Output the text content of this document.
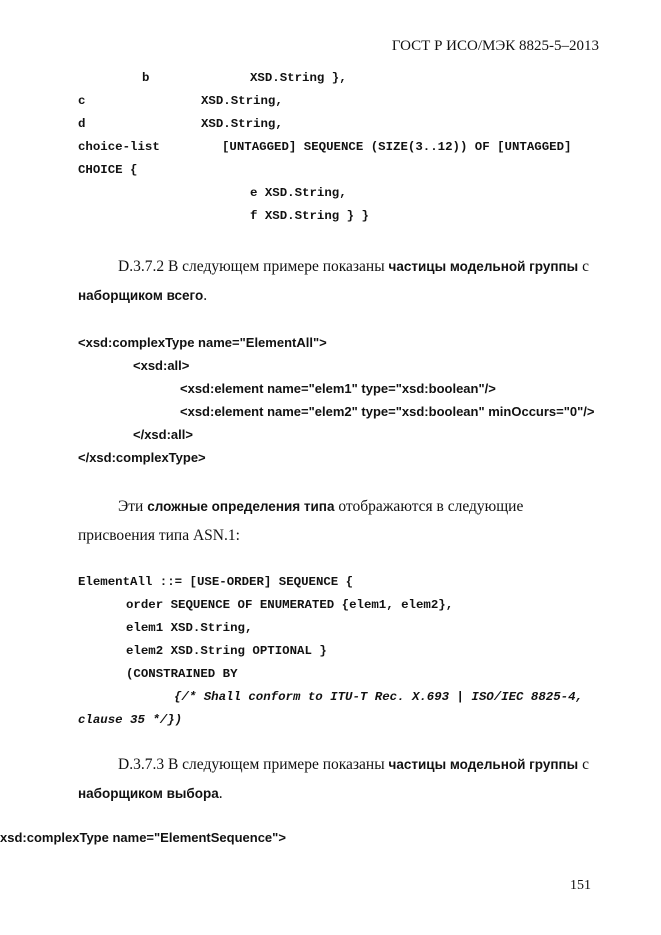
ГОСТ Р ИСО/МЭК 8825-5–2013
b	XSD.String },
c	XSD.String,
d	XSD.String,
choice-list	[UNTAGGED] SEQUENCE (SIZE(3..12)) OF [UNTAGGED]
CHOICE {
e XSD.String,
f XSD.String } }
D.3.7.2 В следующем примере показаны частицы модельной группы с
наборщиком всего.
<xsd:complexType name="ElementAll">
<xsd:all>
<xsd:element name="elem1" type="xsd:boolean"/>
<xsd:element name="elem2" type="xsd:boolean" minOccurs="0"/>
</xsd:all>
</xsd:complexType>
Эти сложные определения типа отображаются в следующие
присвоения типа ASN.1:
ElementAll ::= [USE-ORDER] SEQUENCE {
order SEQUENCE OF ENUMERATED {elem1, elem2},
elem1 XSD.String,
elem2 XSD.String OPTIONAL }
(CONSTRAINED BY
{/* Shall conform to ITU-T Rec. X.693 | ISO/IEC 8825-4,
clause 35 */})
D.3.7.3 В следующем примере показаны частицы модельной группы с
наборщиком выбора.
xsd:complexType name="ElementSequence">
151
